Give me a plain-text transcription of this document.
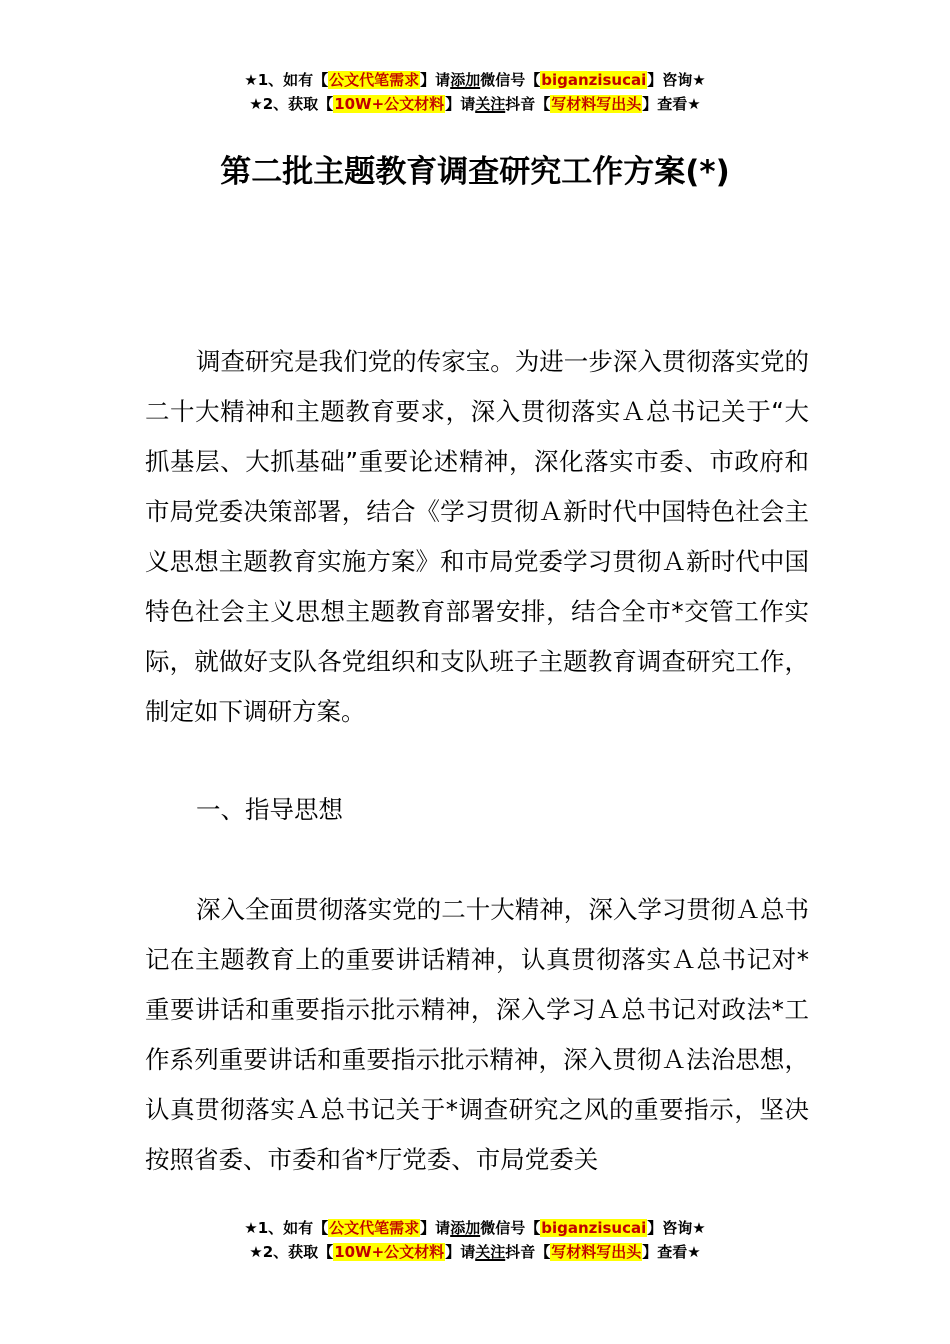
★1、如有【公文代笔需求】请添加微信号【biganzisucai】咨询★
★2、获取【10W+公文材料】请关注抖音【写材料写出头】查看★
第二批主题教育调查研究工作方案(*)

调查研究是我们党的传家宝。为进一步深入贯彻落实党的二十大精神和主题教育要求，深入贯彻落实Ａ总书记关于“大抓基层、大抓基础”重要论述精神，深化落实市委、市政府和市局党委决策部署，结合《学习贯彻Ａ新时代中国特色社会主义思想主题教育实施方案》和市局党委学习贯彻Ａ新时代中国特色社会主义思想主题教育部署安排，结合全市*交管工作实际，就做好支队各党组织和支队班子主题教育调查研究工作，制定如下调研方案。

一、指导思想

深入全面贯彻落实党的二十大精神，深入学习贯彻Ａ总书记在主题教育上的重要讲话精神，认真贯彻落实Ａ总书记对*重要讲话和重要指示批示精神，深入学习Ａ总书记对政法*工作系列重要讲话和重要指示批示精神，深入贯彻Ａ法治思想，认真贯彻落实Ａ总书记关于*调查研究之风的重要指示，坚决按照省委、市委和省*厅党委、市局党委关

★1、如有【公文代笔需求】请添加微信号【biganzisucai】咨询★
★2、获取【10W+公文材料】请关注抖音【写材料写出头】查看★
